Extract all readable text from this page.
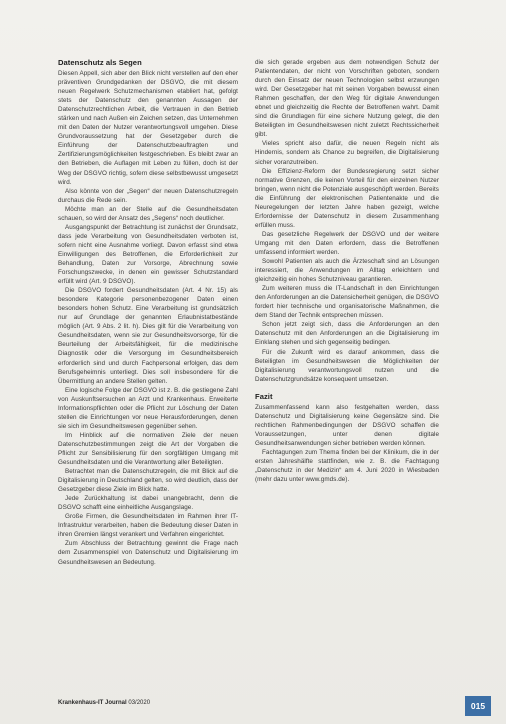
Datenschutz als Segen

Diesen Appell, sich aber den Blick nicht verstellen auf den eher präventiven Grundgedanken der DSGVO, die mit diesem neuen Regelwerk Schutzmechanismen etabliert hat, gefolgt stets der Datenschutz den genannten Aussagen der Datenschutzrechtlichen Arbeit, die Vertrauen in den Betrieb stärken und nach Außen ein Zeichen setzen, das Unternehmen mit den Daten der Nutzer verantwortungsvoll umgehen. Diese Grundvoraussetzung hat der Gesetzgeber durch die Einführung der Datenschutzbeauftragten und Zertifizierungsmöglichkeiten festgeschrieben. Es bleibt zwar an den Betrieben, die Auflagen mit Leben zu füllen, doch ist der Weg der DSGVO richtig, sofern diese selbstbewusst umgesetzt wird.

Also könnte von der „Segen“ der neuen Datenschutzregeln durchaus die Rede sein.

Möchte man an der Stelle auf die Gesundheitsdaten schauen, so wird der Ansatz des „Segens“ noch deutlicher.

Ausgangspunkt der Betrachtung ist zunächst der Grundsatz, dass jede Verarbeitung von Gesundheitsdaten verboten ist, sofern nicht eine Ausnahme vorliegt. Davon erfasst sind etwa Einwilligungen des Betroffenen, die Erforderlichkeit zur Behandlung, Daten zur Vorsorge, Abrechnung sowie Forschungszwecke, in denen ein gewisser Schutzstandard erfüllt wird (Art. 9 DSGVO).

Die DSGVO fordert Gesundheitsdaten (Art. 4 Nr. 15) als besondere Kategorie personenbezogener Daten einen besonders hohen Schutz. Eine Verarbeitung ist grundsätzlich nur auf Grundlage der genannten Erlaubnistatbestände möglich (Art. 9 Abs. 2 lit. h). Dies gilt für die Verarbeitung von Gesundheitsdaten, wenn sie zur Gesundheitsvorsorge, für die Beurteilung der Arbeitsfähigkeit, für die medizinische Diagnostik oder die Versorgung im Gesundheitsbereich erforderlich sind und durch Fachpersonal erfolgen, das dem Berufsgeheimnis unterliegt. Dies soll insbesondere für die Übermittlung an andere Stellen gelten.

Eine logische Folge der DSGVO ist z. B. die gestiegene Zahl von Auskunftsersuchen an Arzt und Krankenhaus. Erweiterte Informationspflichten oder die Pflicht zur Löschung der Daten stellen die Einrichtungen vor neue Herausforderungen, denen sie sich im Gesundheitswesen gegenüber sehen.

Im Hinblick auf die normativen Ziele der neuen Datenschutzbestimmungen zeigt die Art der Vorgaben die Pflicht zur Sensibilisierung für den sorgfältigen Umgang mit Gesundheitsdaten und die Verantwortung aller Beteiligten.

Betrachtet man die Datenschutzregeln, die mit Blick auf die Digitalisierung in Deutschland gelten, so wird deutlich, dass der Gesetzgeber diese Ziele im Blick hatte.

Jede Zurückhaltung ist dabei unangebracht, denn die DSGVO schafft eine einheitliche Ausgangslage.

Große Firmen, die Gesundheitsdaten im Rahmen ihrer IT-Infrastruktur verarbeiten, haben die Bedeutung dieser Daten in ihren Gremien längst verankert und Verfahren eingerichtet.

Zum Abschluss der Betrachtung gewinnt die Frage nach dem Zusammenspiel von Datenschutz und Digitalisierung im Gesundheitswesen an Bedeutung.

die sich gerade ergeben aus dem notwendigen Schutz der Patientendaten, der nicht von Vorschriften geboten, sondern durch den Einsatz der neuen Technologien selbst erzwungen wird. Der Gesetzgeber hat mit seinen Vorgaben bewusst einen Rahmen geschaffen, der den Weg für digitale Anwendungen ebnet und gleichzeitig die Rechte der Betroffenen wahrt. Damit sind die Grundlagen für eine sichere Nutzung gelegt, die den Beteiligten im Gesundheitswesen nicht zuletzt Rechtssicherheit gibt.

Vieles spricht also dafür, die neuen Regeln nicht als Hindernis, sondern als Chance zu begreifen, die Digitalisierung sicher voranzutreiben.

Die Effizienz-Reform der Bundesregierung setzt sicher normative Grenzen, die keinen Vorteil für den einzelnen Nutzer bringen, wenn nicht die Potenziale ausgeschöpft werden. Bereits die Einführung der elektronischen Patientenakte und die Neuregelungen der letzten Jahre haben gezeigt, welche Erfordernisse der Datenschutz in diesem Zusammenhang erfüllen muss.

Das gesetzliche Regelwerk der DSGVO und der weitere Umgang mit den Daten erfordern, dass die Betroffenen umfassend informiert werden.

Sowohl Patienten als auch die Ärzteschaft sind an Lösungen interessiert, die Anwendungen im Alltag erleichtern und gleichzeitig ein hohes Schutzniveau garantieren.

Zum weiteren muss die IT-Landschaft in den Einrichtungen den Anforderungen an die Datensicherheit genügen, die DSGVO fordert hier technische und organisatorische Maßnahmen, die dem Stand der Technik entsprechen müssen.

Schon jetzt zeigt sich, dass die Anforderungen an den Datenschutz mit den Anforderungen an die Digitalisierung im Einklang stehen und sich gegenseitig bedingen.

Für die Zukunft wird es darauf ankommen, dass die Beteiligten im Gesundheitswesen die Möglichkeiten der Digitalisierung verantwortungsvoll nutzen und die Datenschutzgrundsätze konsequent umsetzen.

Fazit

Zusammenfassend kann also festgehalten werden, dass Datenschutz und Digitalisierung keine Gegensätze sind. Die rechtlichen Rahmenbedingungen der DSGVO schaffen die Voraussetzungen, unter denen digitale Gesundheitsanwendungen sicher betrieben werden können.

Fachtagungen zum Thema finden bei der Klinikum, die in der ersten Jahreshälfte stattfinden, wie z. B. die Fachtagung „Datenschutz in der Medizin“ am 4. Juni 2020 in Wiesbaden (mehr dazu unter www.gmds.de).

Krankenhaus-IT Journal 03/2020	015
